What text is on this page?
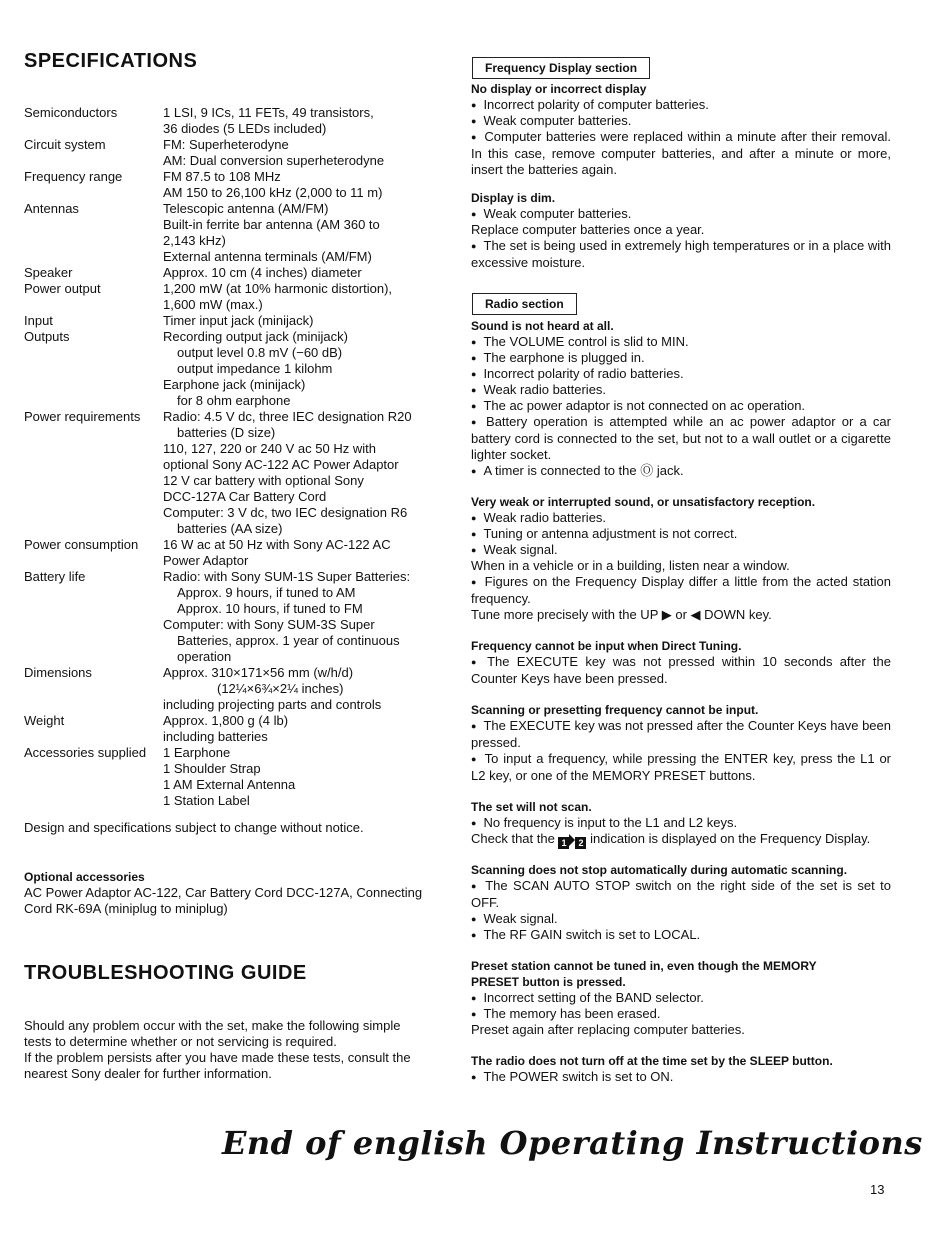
SPECIFICATIONS
Semiconductors	1 LSI, 9 ICs, 11 FETs, 49 transistors,
36 diodes (5 LEDs included)
Circuit system	FM: Superheterodyne
AM: Dual conversion superheterodyne
Frequency range	FM 87.5 to 108 MHz
AM 150 to 26,100 kHz (2,000 to 11 m)
Antennas	Telescopic antenna (AM/FM)
Built-in ferrite bar antenna (AM 360 to
2,143 kHz)
External antenna terminals (AM/FM)
Speaker	Approx. 10 cm (4 inches) diameter
Power output	1,200 mW (at 10% harmonic distortion),
1,600 mW (max.)
Input	Timer input jack (minijack)
Outputs	Recording output jack (minijack)
output level 0.8 mV (−60 dB)
output impedance 1 kilohm
Earphone jack (minijack)
for 8 ohm earphone
Power requirements	Radio: 4.5 V dc, three IEC designation R20
batteries (D size)
110, 127, 220 or 240 V ac 50 Hz with
optional Sony AC-122 AC Power Adaptor
12 V car battery with optional Sony
DCC-127A Car Battery Cord
Computer: 3 V dc, two IEC designation R6
batteries (AA size)
Power consumption	16 W ac at 50 Hz with Sony AC-122 AC
Power Adaptor
Battery life	Radio: with Sony SUM-1S Super Batteries:
Approx. 9 hours, if tuned to AM
Approx. 10 hours, if tuned to FM
Computer: with Sony SUM-3S Super
Batteries, approx. 1 year of continuous
operation
Dimensions	Approx. 310×171×56 mm (w/h/d)
(12¼×6¾×2¼ inches)
including projecting parts and controls
Weight	Approx. 1,800 g (4 lb)
including batteries
Accessories supplied	1 Earphone
1 Shoulder Strap
1 AM External Antenna
1 Station Label
Design and specifications subject to change without notice.
Optional accessories
AC Power Adaptor AC-122, Car Battery Cord DCC-127A, Connecting
Cord RK-69A (miniplug to miniplug)
TROUBLESHOOTING GUIDE
Should any problem occur with the set, make the following simple
tests to determine whether or not servicing is required.
If the problem persists after you have made these tests, consult the
nearest Sony dealer for further information.
Frequency Display section
No display or incorrect display
● Incorrect polarity of computer batteries.
● Weak computer batteries.
● Computer batteries were replaced within a minute after their removal. In this case, remove computer batteries, and after a minute or more, insert the batteries again.
Display is dim.
● Weak computer batteries.
Replace computer batteries once a year.
● The set is being used in extremely high temperatures or in a place with excessive moisture.
Radio section
Sound is not heard at all.
● The VOLUME control is slid to MIN.
● The earphone is plugged in.
● Incorrect polarity of radio batteries.
● Weak radio batteries.
● The ac power adaptor is not connected on ac operation.
● Battery operation is attempted while an ac power adaptor or a car battery cord is connected to the set, but not to a wall outlet or a cigarette lighter socket.
● A timer is connected to the Ⓞ jack.
Very weak or interrupted sound, or unsatisfactory reception.
● Weak radio batteries.
● Tuning or antenna adjustment is not correct.
● Weak signal.
When in a vehicle or in a building, listen near a window.
● Figures on the Frequency Display differ a little from the acted station frequency.
Tune more precisely with the UP ▶ or ◀ DOWN key.
Frequency cannot be input when Direct Tuning.
● The EXECUTE key was not pressed within 10 seconds after the Counter Keys have been pressed.
Scanning or presetting frequency cannot be input.
● The EXECUTE key was not pressed after the Counter Keys have been pressed.
● To input a frequency, while pressing the ENTER key, press the L1 or L2 key, or one of the MEMORY PRESET buttons.
The set will not scan.
● No frequency is input to the L1 and L2 keys.
Check that the 1 2 indication is displayed on the Frequency Display.
Scanning does not stop automatically during automatic scanning.
● The SCAN AUTO STOP switch on the right side of the set is set to OFF.
● Weak signal.
● The RF GAIN switch is set to LOCAL.
Preset station cannot be tuned in, even though the MEMORY
PRESET button is pressed.
● Incorrect setting of the BAND selector.
● The memory has been erased.
Preset again after replacing computer batteries.
The radio does not turn off at the time set by the SLEEP button.
● The POWER switch is set to ON.
End of english Operating Instructions
13
